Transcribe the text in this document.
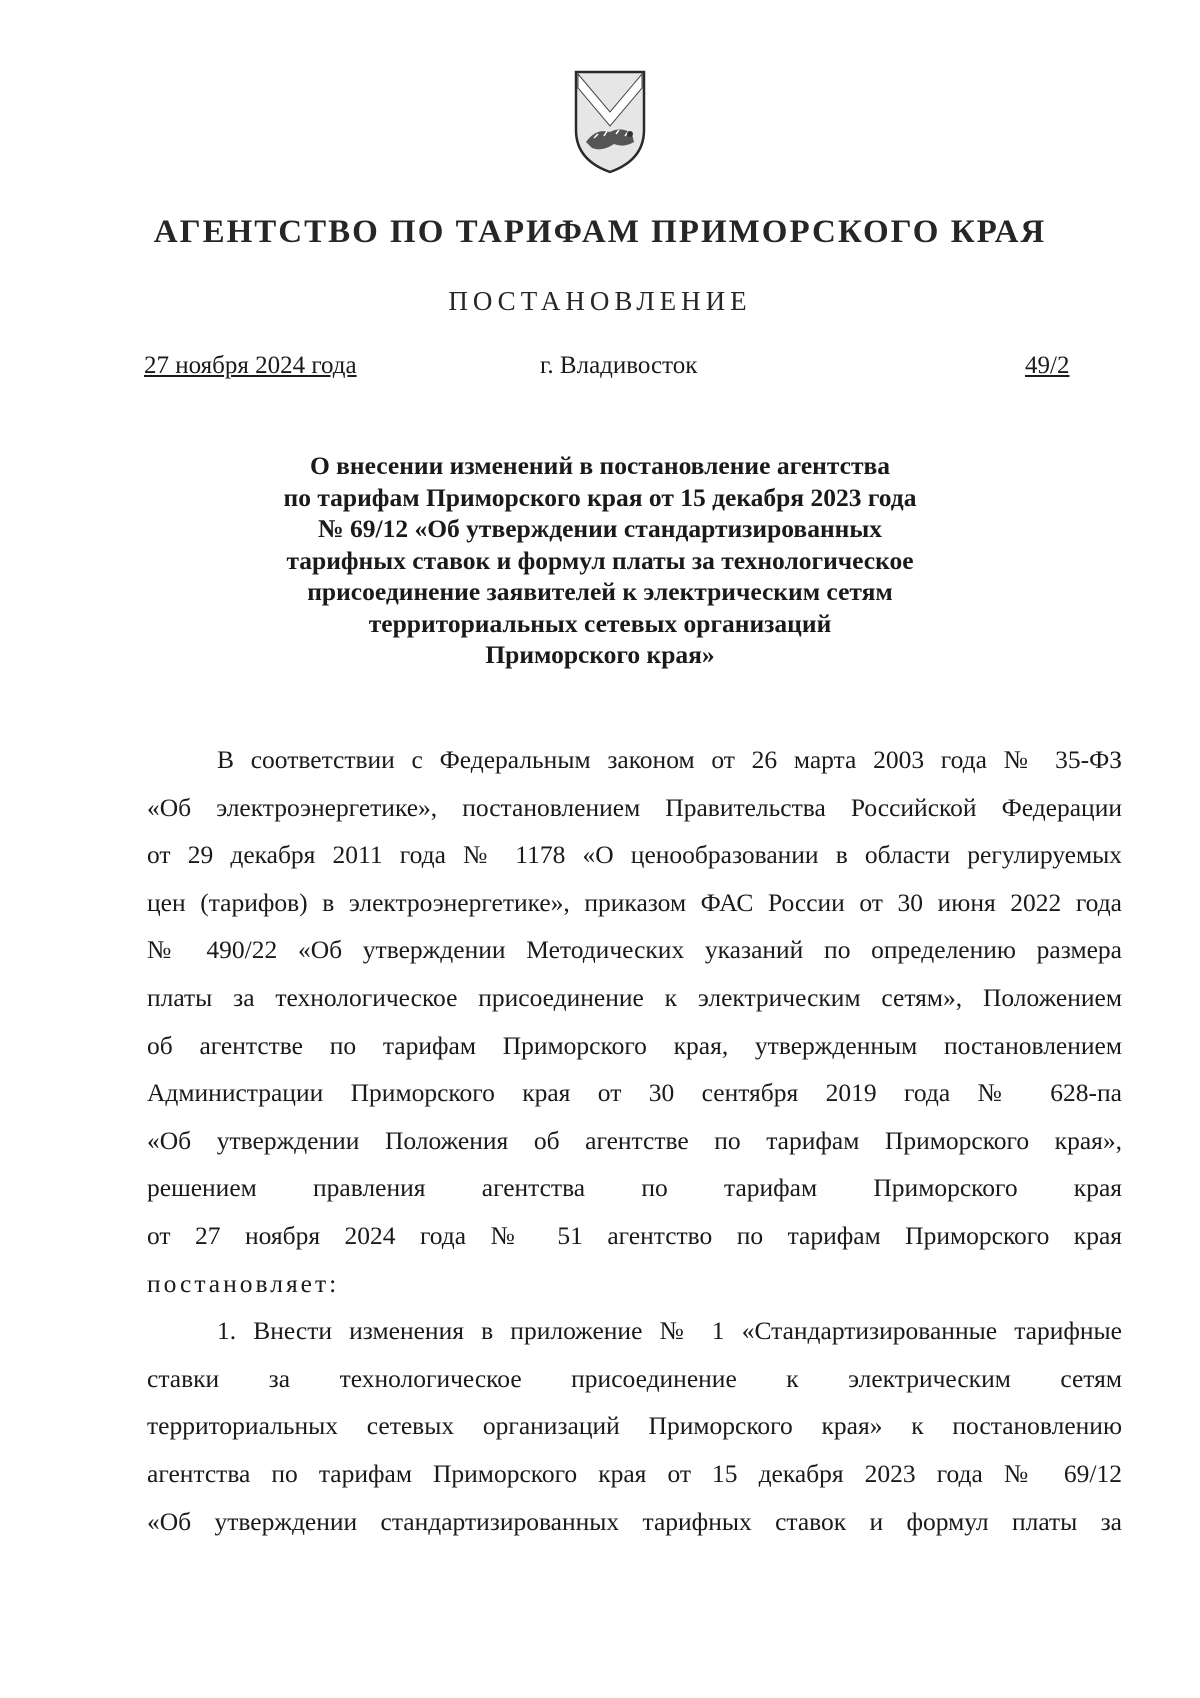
АГЕНТСТВО ПО ТАРИФАМ ПРИМОРСКОГО КРАЯ
ПОСТАНОВЛЕНИЕ
27 ноября 2024 года	г. Владивосток	49/2
О внесении изменений в постановление агентства
по тарифам Приморского края от 15 декабря 2023 года
№ 69/12 «Об утверждении стандартизированных
тарифных ставок и формул платы за технологическое
присоединение заявителей к электрическим сетям
территориальных сетевых организаций
Приморского края»
В соответствии с Федеральным законом от 26 марта 2003 года № 35-ФЗ
«Об электроэнергетике», постановлением Правительства Российской Федерации
от 29 декабря 2011 года № 1178 «О ценообразовании в области регулируемых
цен (тарифов) в электроэнергетике», приказом ФАС России от 30 июня 2022 года
№ 490/22 «Об утверждении Методических указаний по определению размера
платы за технологическое присоединение к электрическим сетям», Положением
об агентстве по тарифам Приморского края, утвержденным постановлением
Администрации Приморского края от 30 сентября 2019 года № 628-па
«Об утверждении Положения об агентстве по тарифам Приморского края»,
решением правления агентства по тарифам Приморского края
от 27 ноября 2024 года № 51 агентство по тарифам Приморского края
постановляет:
1. Внести изменения в приложение № 1 «Стандартизированные тарифные
ставки за технологическое присоединение к электрическим сетям
территориальных сетевых организаций Приморского края» к постановлению
агентства по тарифам Приморского края от 15 декабря 2023 года № 69/12
«Об утверждении стандартизированных тарифных ставок и формул платы за
